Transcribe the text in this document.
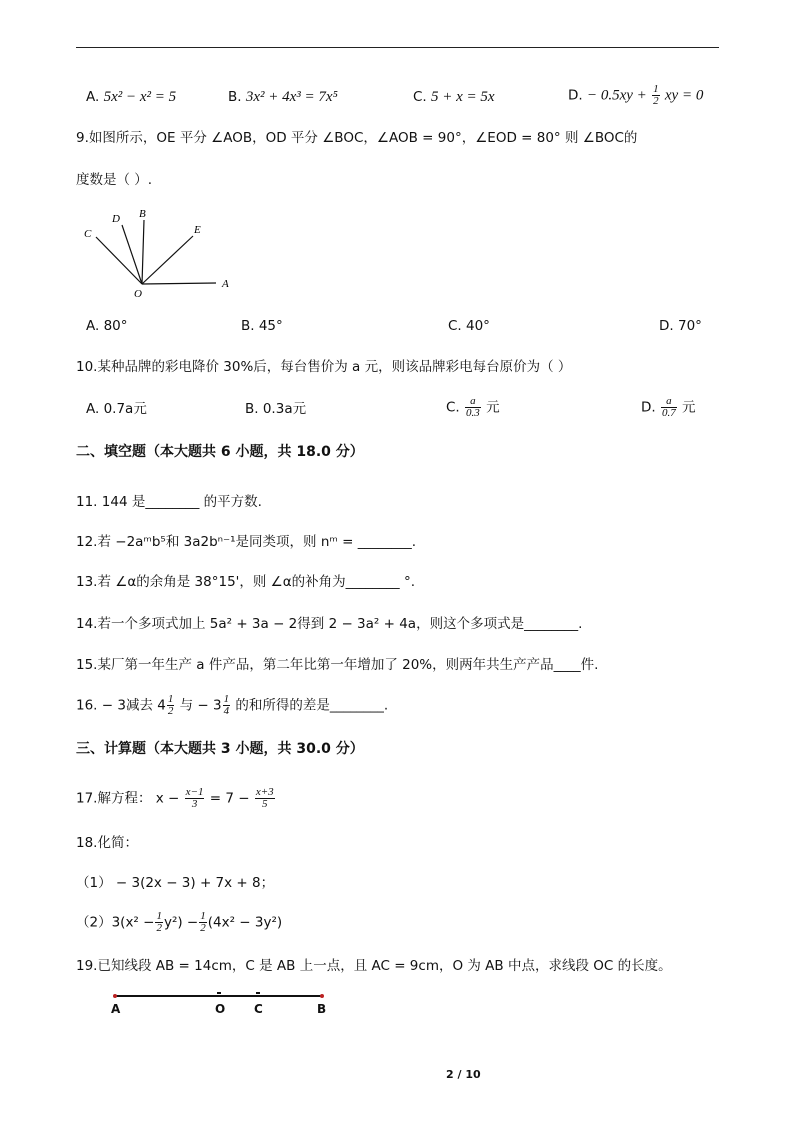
A. 5x² − x² = 5	B. 3x² + 4x³ = 7x⁵	C. 5 + x = 5x	D. − $0.5xy + \frac{1}{2}$ xy = 0
9.如图所示，OE 平分 ∠AOB，OD 平分 ∠BOC，∠AOB = 90°，∠EOD = 80° 则 ∠BOC的
度数是（ ）.
C
D B
E
O
A
A. 80°	B. 45°	C. 40°	D. 70°
10.某种品牌的彩电降价 30%后，每台售价为 a 元，则该品牌彩电每台原价为（ ）
A. 0.7a元	B. 0.3a元	C. $\frac{a}{0.3}$ 元	D. $\frac{a}{0.7}$ 元
二、填空题（本大题共 6 小题，共 18.0 分）
11. 144 是________ 的平方数.
12.若 −2aᵐb⁵和 3a2bⁿ⁻¹是同类项，则 nᵐ = ________.
13.若 ∠α的余角是 38°15'，则 ∠α的补角为________ °.
14.若一个多项式加上 5a² + 3a − 2得到 2 − 3a² + 4a，则这个多项式是________.
15.某厂第一年生产 a 件产品，第二年比第一年增加了 20%，则两年共生产产品____件.
16. − 3减去 $4 \frac{1}{2}$ 与 − $3 \frac{1}{4}$ 的和所得的差是________.
三、计算题（本大题共 3 小题，共 30.0 分）
17.解方程： $x - \frac{x-1}{3} = 7 - \frac{x+3}{5}$
18.化简：
（1） − 3(2x − 3) + 7x + 8；
$(2)3(x^2 - \frac{1}{2} y^2) - \frac{1}{2} (4x^2 - 3y^2)$
19.已知线段 AB = 14cm，C 是 AB 上一点，且 AC = 9cm，O 为 AB 中点，求线段 OC 的长度。
A	O C	B
2 / 10
